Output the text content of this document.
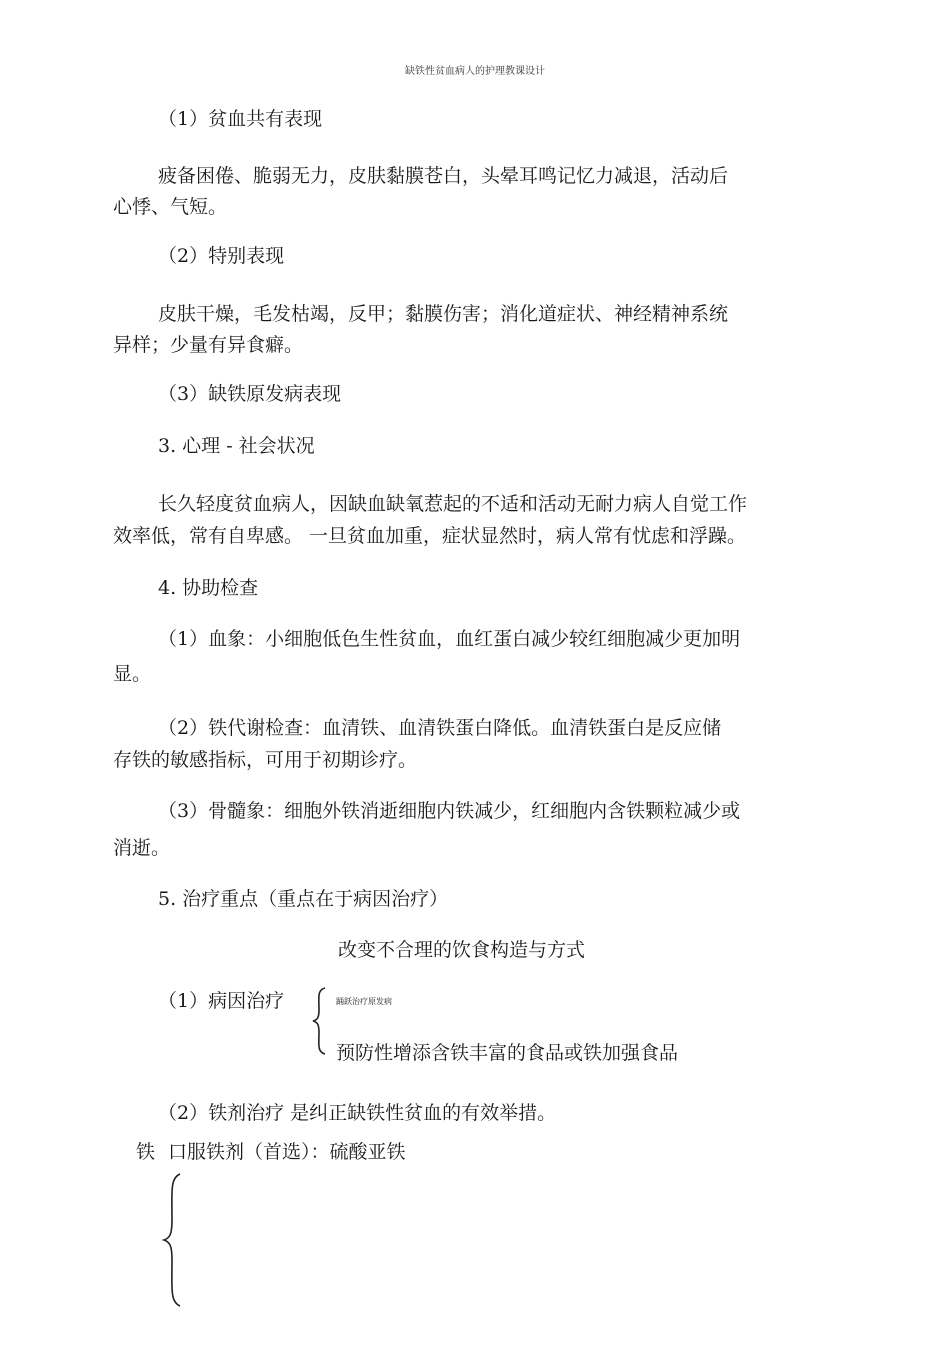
缺铁性贫血病人的护理教课设计
（1）贫血共有表现
疲备困倦、脆弱无力，皮肤黏膜苍白，头晕耳鸣记忆力减退，活动后
心悸、气短。
（2）特别表现
皮肤干燥，毛发枯竭，反甲；黏膜伤害；消化道症状、神经精神系统
异样；少量有异食癖。
（3）缺铁原发病表现
3. 心理 - 社会状况
长久轻度贫血病人，因缺血缺氧惹起的不适和活动无耐力病人自觉工作
效率低，常有自卑感。 一旦贫血加重，症状显然时，病人常有忧虑和浮躁。
4. 协助检查
（1）血象：小细胞低色生性贫血，血红蛋白减少较红细胞减少更加明
显。
（2）铁代谢检查：血清铁、血清铁蛋白降低。血清铁蛋白是反应储
存铁的敏感指标，可用于初期诊疗。
（3）骨髓象：细胞外铁消逝细胞内铁减少，红细胞内含铁颗粒减少或
消逝。
5. 治疗重点（重点在于病因治疗）
改变不合理的饮食构造与方式
（1）病因治疗	踊跃治疗原发病
预防性增添含铁丰富的食品或铁加强食品
（2）铁剂治疗 是纠正缺铁性贫血的有效举措。
铁 口服铁剂（首选）：硫酸亚铁
